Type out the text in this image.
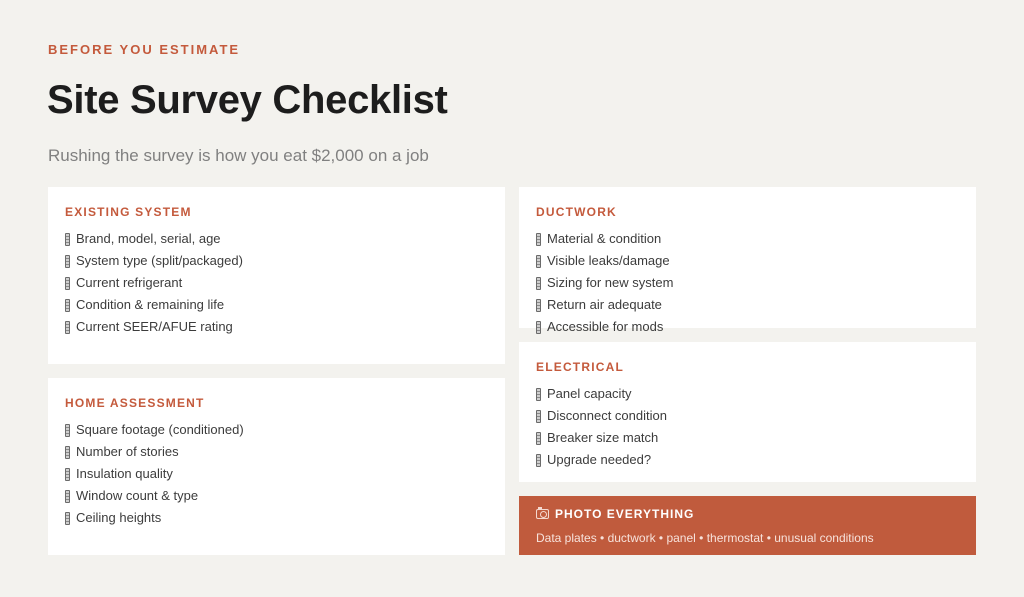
BEFORE YOU ESTIMATE
Site Survey Checklist
Rushing the survey is how you eat $2,000 on a job
EXISTING SYSTEM
Brand, model, serial, age
System type (split/packaged)
Current refrigerant
Condition & remaining life
Current SEER/AFUE rating
HOME ASSESSMENT
Square footage (conditioned)
Number of stories
Insulation quality
Window count & type
Ceiling heights
DUCTWORK
Material & condition
Visible leaks/damage
Sizing for new system
Return air adequate
Accessible for mods
ELECTRICAL
Panel capacity
Disconnect condition
Breaker size match
Upgrade needed?
PHOTO EVERYTHING
Data plates • ductwork • panel • thermostat • unusual conditions
